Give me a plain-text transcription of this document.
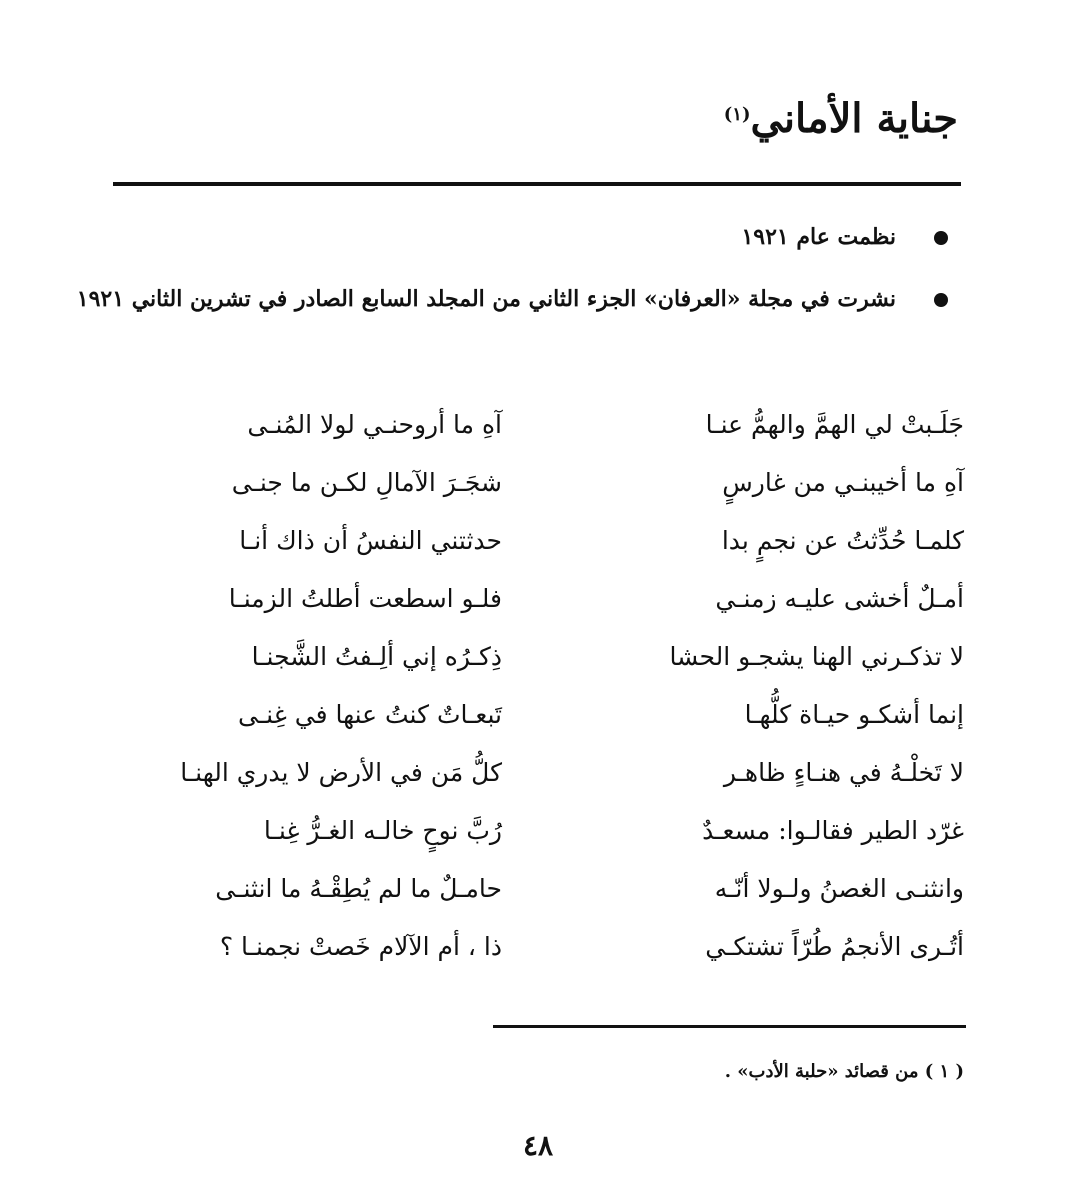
جناية الأماني$^{(١)}$
نظمت عام ١٩٢١
نشرت في مجلة «العرفان» الجزء الثاني من المجلد السابع الصادر في تشرين الثاني ١٩٢١
جَلَـبتْ لي الهمَّ والهمُّ عنـا
آهِ ما أروحنـي لولا المُنـى
آهِ ما أخيبنـي من غارسٍ
شجَـرَ الآمالِ لكـن ما جنـى
كلمـا حُدِّثتُ عن نجمٍ بدا
حدثتني النفسُ أن ذاك أنـا
أمـلٌ أخشى عليـه زمنـي
فلـو اسطعت أطلتُ الزمنـا
لا تذكـرني الهنا يشجـو الحشا
ذِكـرُه إني ألِـفتُ الشَّجنـا
إنما أشكـو حيـاة كلُّهـا
تَبعـاتٌ كنتُ عنها في غِنـى
لا تَخلْـهُ في هنـاءٍ ظاهـر
كلُّ مَن في الأرض لا يدري الهنـا
غرّد الطير فقالـوا: مسعـدٌ
رُبَّ نوحٍ خالـه الغـرُّ غِنـا
وانثنـى الغصنُ ولـولا أنّـه
حامـلٌ ما لم يُطِقْـهُ ما انثنـى
أتُـرى الأنجمُ طُرّاً تشتكـي
ذا ، أم الآلام خَصتْ نجمنـا ؟
( ١ ) من قصائد «حلبة الأدب» .
٤٨
